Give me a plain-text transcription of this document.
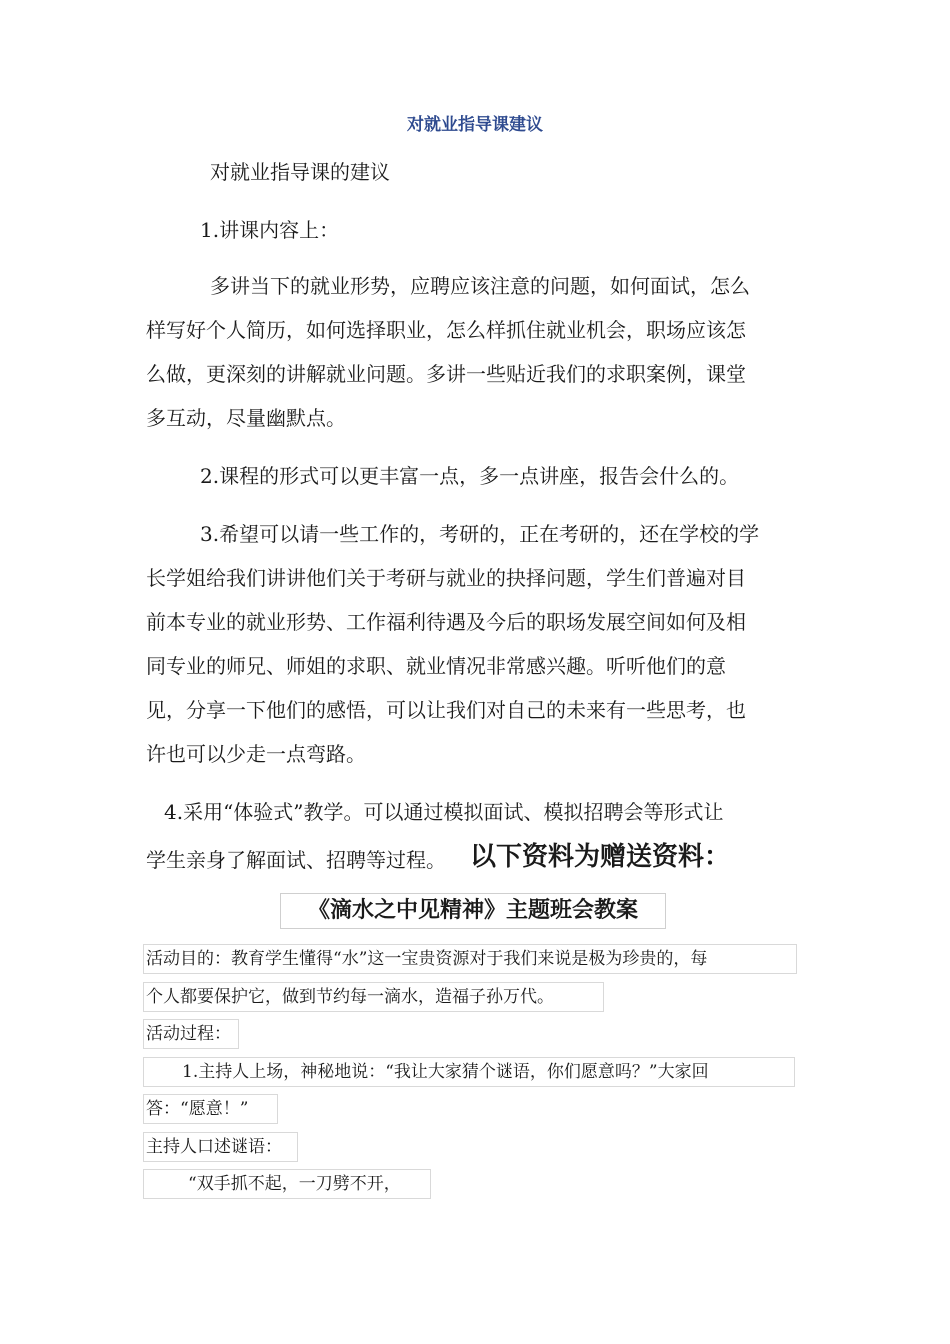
对就业指导课建议
对就业指导课的建议
1.讲课内容上：
多讲当下的就业形势，应聘应该注意的问题，如何面试，怎么
样写好个人简历，如何选择职业，怎么样抓住就业机会，职场应该怎
么做，更深刻的讲解就业问题。多讲一些贴近我们的求职案例，课堂
多互动，尽量幽默点。
2.课程的形式可以更丰富一点，多一点讲座，报告会什么的。
3.希望可以请一些工作的，考研的，正在考研的，还在学校的学
长学姐给我们讲讲他们关于考研与就业的抉择问题，学生们普遍对目
前本专业的就业形势、工作福利待遇及今后的职场发展空间如何及相
同专业的师兄、师姐的求职、就业情况非常感兴趣。听听他们的意
见，分享一下他们的感悟，可以让我们对自己的未来有一些思考，也
许也可以少走一点弯路。
4.采用“体验式”教学。可以通过模拟面试、模拟招聘会等形式让
学生亲身了解面试、招聘等过程。 以下资料为赠送资料：
《滴水之中见精神》主题班会教案
活动目的：教育学生懂得“水”这一宝贵资源对于我们来说是极为珍贵的，每
个人都要保护它，做到节约每一滴水，造福子孙万代。
活动过程：
1.主持人上场，神秘地说：“我让大家猜个谜语，你们愿意吗？”大家回
答：“愿意！”
主持人口述谜语：
“双手抓不起，一刀劈不开，
